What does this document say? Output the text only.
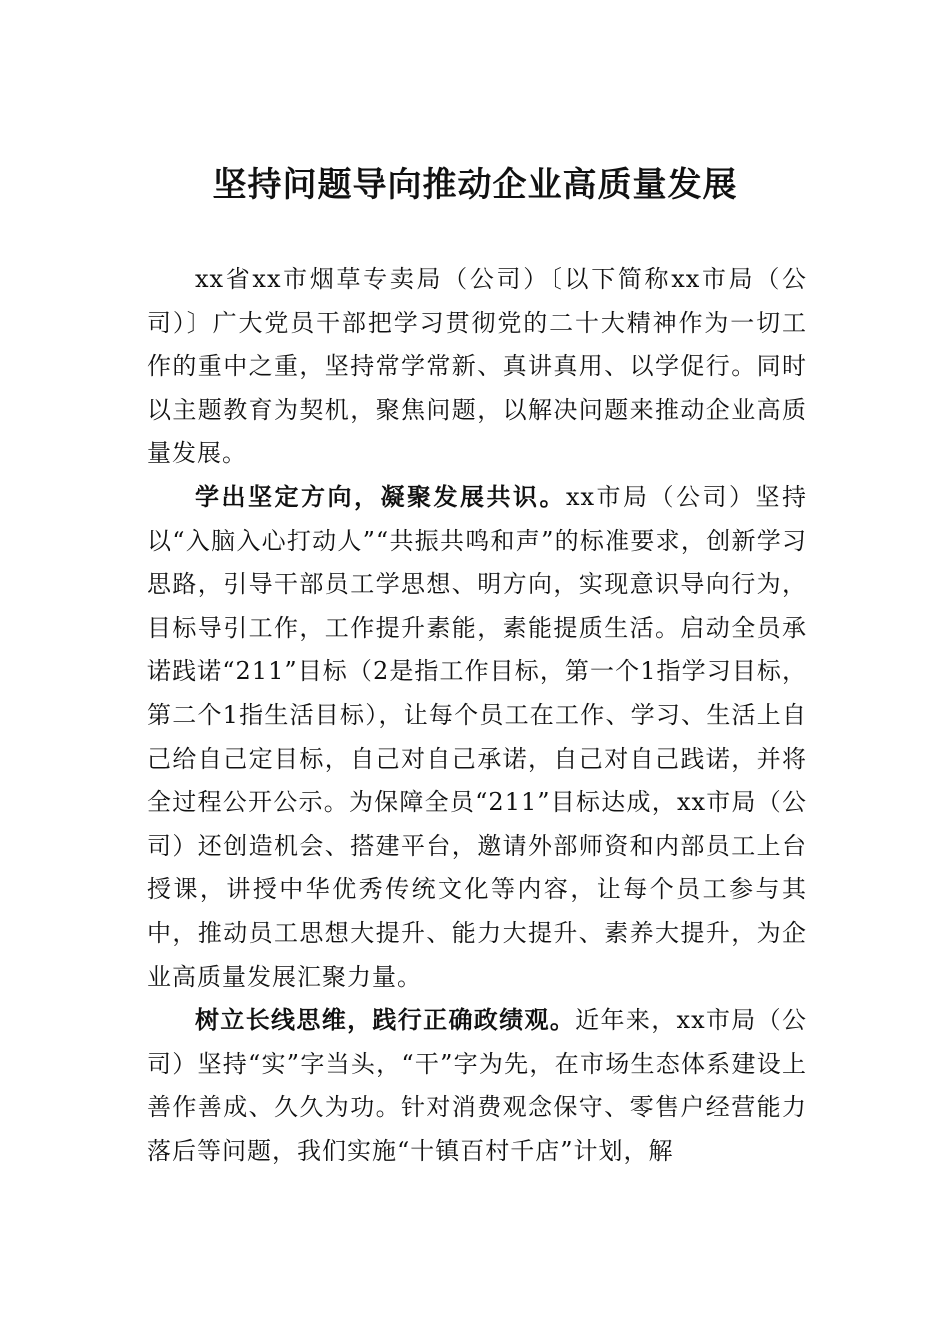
坚持问题导向推动企业高质量发展

xx省xx市烟草专卖局（公司）〔以下简称xx市局（公司）〕广大党员干部把学习贯彻党的二十大精神作为一切工作的重中之重，坚持常学常新、真讲真用、以学促行。同时以主题教育为契机，聚焦问题，以解决问题来推动企业高质量发展。

学出坚定方向，凝聚发展共识。xx市局（公司）坚持以“入脑入心打动人”“共振共鸣和声”的标准要求，创新学习思路，引导干部员工学思想、明方向，实现意识导向行为，目标导引工作，工作提升素能，素能提质生活。启动全员承诺践诺“211”目标（2是指工作目标，第一个1指学习目标，第二个1指生活目标），让每个员工在工作、学习、生活上自己给自己定目标，自己对自己承诺，自己对自己践诺，并将全过程公开公示。为保障全员“211”目标达成，xx市局（公司）还创造机会、搭建平台，邀请外部师资和内部员工上台授课，讲授中华优秀传统文化等内容，让每个员工参与其中，推动员工思想大提升、能力大提升、素养大提升，为企业高质量发展汇聚力量。

树立长线思维，践行正确政绩观。近年来，xx市局（公司）坚持“实”字当头，“干”字为先，在市场生态体系建设上善作善成、久久为功。针对消费观念保守、零售户经营能力落后等问题，我们实施“十镇百村千店”计划，解
